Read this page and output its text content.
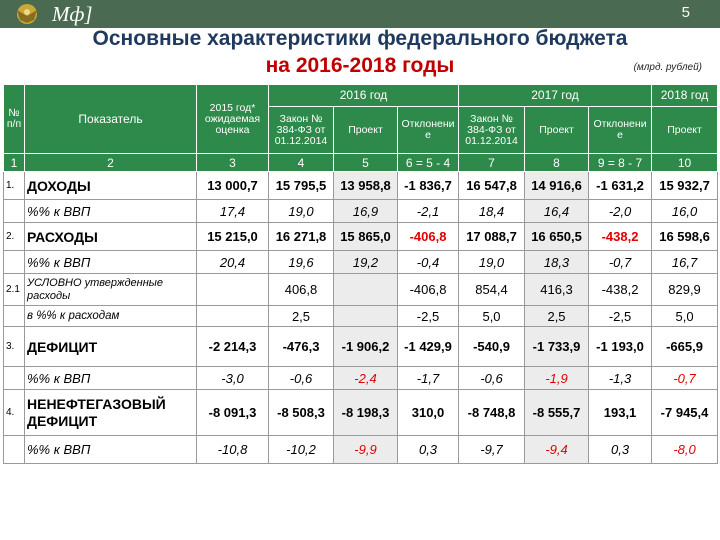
Мф]	5
Основные характеристики федерального бюджета
на 2016-2018 годы	(млрд. рублей)
№ п/п	Показатель	2015 год* ожидаемая оценка	2016 год			2017 год			2018 год
			Закон № 384-ФЗ от 01.12.2014	Проект	Отклонени е	Закон № 384-ФЗ от 01.12.2014	Проект	Отклонени е	Проект
1	2	3	4	5	6 = 5 - 4	7	8	9 = 8 - 7	10
1.	ДОХОДЫ	13 000,7	15 795,5	13 958,8	-1 836,7	16 547,8	14 916,6	-1 631,2	15 932,7
	%% к ВВП	17,4	19,0	16,9	-2,1	18,4	16,4	-2,0	16,0
2.	РАСХОДЫ	15 215,0	16 271,8	15 865,0	-406,8	17 088,7	16 650,5	-438,2	16 598,6
	%% к ВВП	20,4	19,6	19,2	-0,4	19,0	18,3	-0,7	16,7
2.1	УСЛОВНО утвержденные расходы		406,8		-406,8	854,4	416,3	-438,2	829,9
	в %% к расходам		2,5		-2,5	5,0	2,5	-2,5	5,0
3.	ДЕФИЦИТ	-2 214,3	-476,3	-1 906,2	-1 429,9	-540,9	-1 733,9	-1 193,0	-665,9
	%% к ВВП	-3,0	-0,6	-2,4	-1,7	-0,6	-1,9	-1,3	-0,7
4.	НЕНЕФТЕГАЗОВЫЙ ДЕФИЦИТ	-8 091,3	-8 508,3	-8 198,3	310,0	-8 748,8	-8 555,7	193,1	-7 945,4
	%% к ВВП	-10,8	-10,2	-9,9	0,3	-9,7	-9,4	0,3	-8,0
